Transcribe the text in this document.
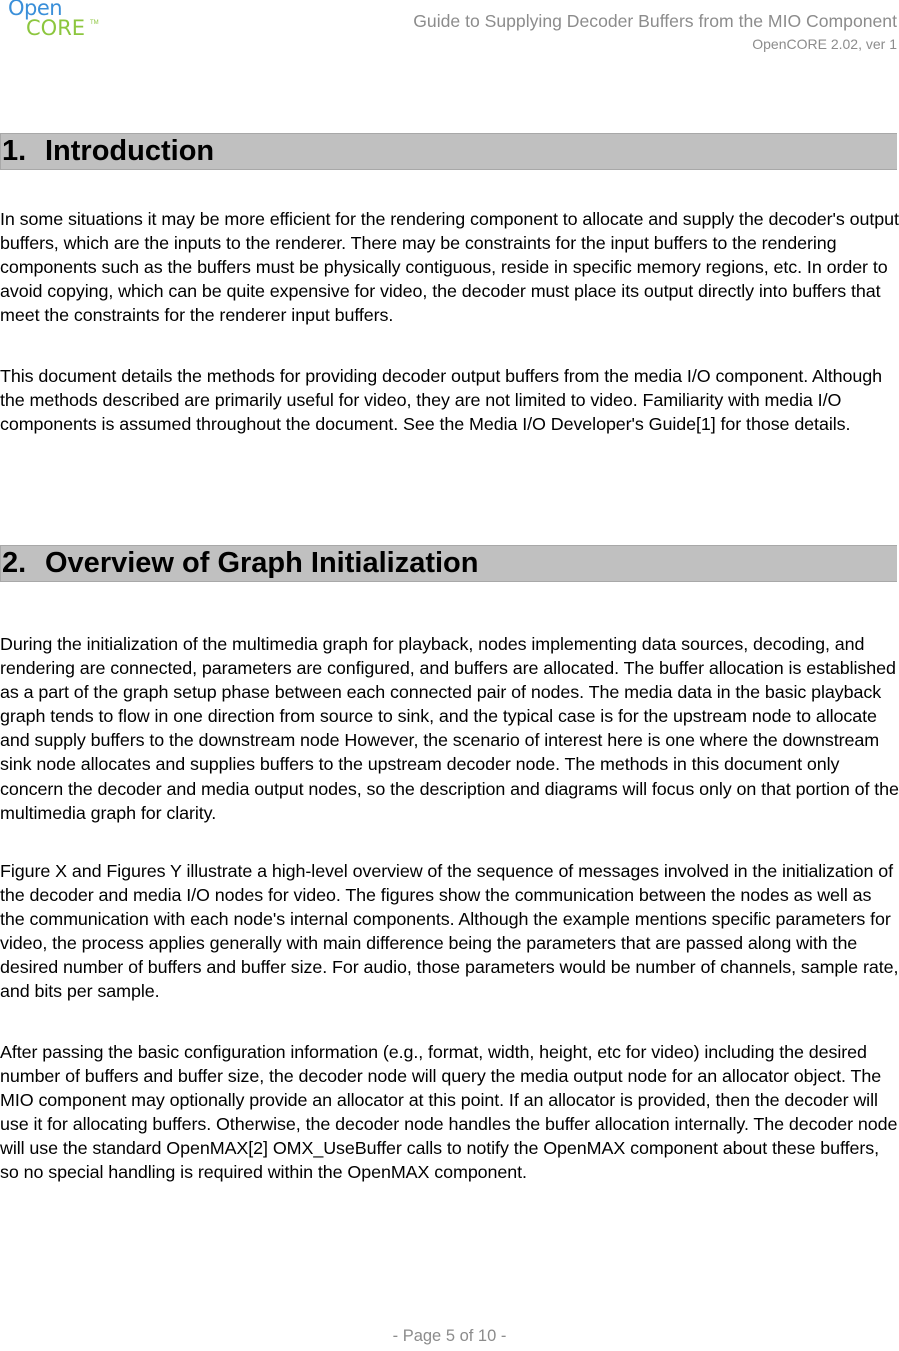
Open
CORE TM	Guide to Supplying Decoder Buffers from the MIO Component
OpenCORE 2.02, ver 1
1. Introduction

In some situations it may be more efficient for the rendering component to allocate and supply the decoder's output buffers, which are the inputs to the renderer. There may be constraints for the input buffers to the rendering components such as the buffers must be physically contiguous, reside in specific memory regions, etc. In order to avoid copying, which can be quite expensive for video, the decoder must place its output directly into buffers that meet the constraints for the renderer input buffers.

This document details the methods for providing decoder output buffers from the media I/O component. Although the methods described are primarily useful for video, they are not limited to video. Familiarity with media I/O components is assumed throughout the document. See the Media I/O Developer's Guide[1] for those details.

2. Overview of Graph Initialization

During the initialization of the multimedia graph for playback, nodes implementing data sources, decoding, and rendering are connected, parameters are configured, and buffers are allocated. The buffer allocation is established as a part of the graph setup phase between each connected pair of nodes. The media data in the basic playback graph tends to flow in one direction from source to sink, and the typical case is for the upstream node to allocate and supply buffers to the downstream node However, the scenario of interest here is one where the downstream sink node allocates and supplies buffers to the upstream decoder node. The methods in this document only concern the decoder and media output nodes, so the description and diagrams will focus only on that portion of the multimedia graph for clarity.

Figure X and Figures Y illustrate a high-level overview of the sequence of messages involved in the initialization of the decoder and media I/O nodes for video. The figures show the communication between the nodes as well as the communication with each node's internal components. Although the example mentions specific parameters for video, the process applies generally with main difference being the parameters that are passed along with the desired number of buffers and buffer size. For audio, those parameters would be number of channels, sample rate, and bits per sample.

After passing the basic configuration information (e.g., format, width, height, etc for video) including the desired number of buffers and buffer size, the decoder node will query the media output node for an allocator object. The MIO component may optionally provide an allocator at this point. If an allocator is provided, then the decoder will use it for allocating buffers. Otherwise, the decoder node handles the buffer allocation internally. The decoder node will use the standard OpenMAX[2] OMX_UseBuffer calls to notify the OpenMAX component about these buffers, so no special handling is required within the OpenMAX component.

- Page 5 of 10 -
